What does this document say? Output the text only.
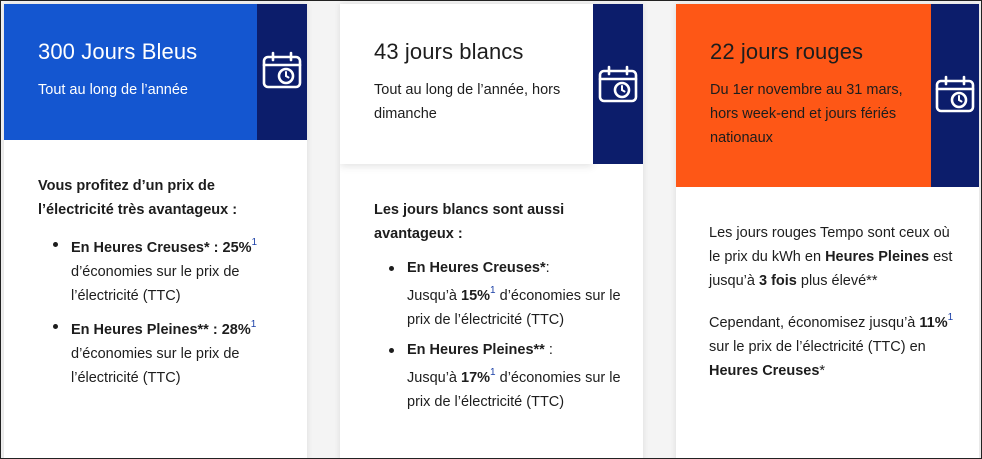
300 Jours Bleus
Tout au long de l’année

Vous profitez d’un prix de l’électricité très avantageux :

En Heures Creuses* : 25%$^1$ d’économies sur le prix de l’électricité (TTC)
En Heures Pleines** : 28%$^1$ d’économies sur le prix de l’électricité (TTC)
43 jours blancs
Tout au long de l’année, hors dimanche

Les jours blancs sont aussi avantageux :

En Heures Creuses*:
Jusqu’à 15%$^1$ d’économies sur le prix de l’électricité (TTC)
En Heures Pleines** :
Jusqu’à 17%$^1$ d’économies sur le prix de l’électricité (TTC)
22 jours rouges
Du 1er novembre au 31 mars, hors week-end et jours fériés nationaux

Les jours rouges Tempo sont ceux où le prix du kWh en Heures Pleines est jusqu’à 3 fois plus élevé**

Cependant, économisez jusqu’à 11%$^1$ sur le prix de l’électricité (TTC) en Heures Creuses*
